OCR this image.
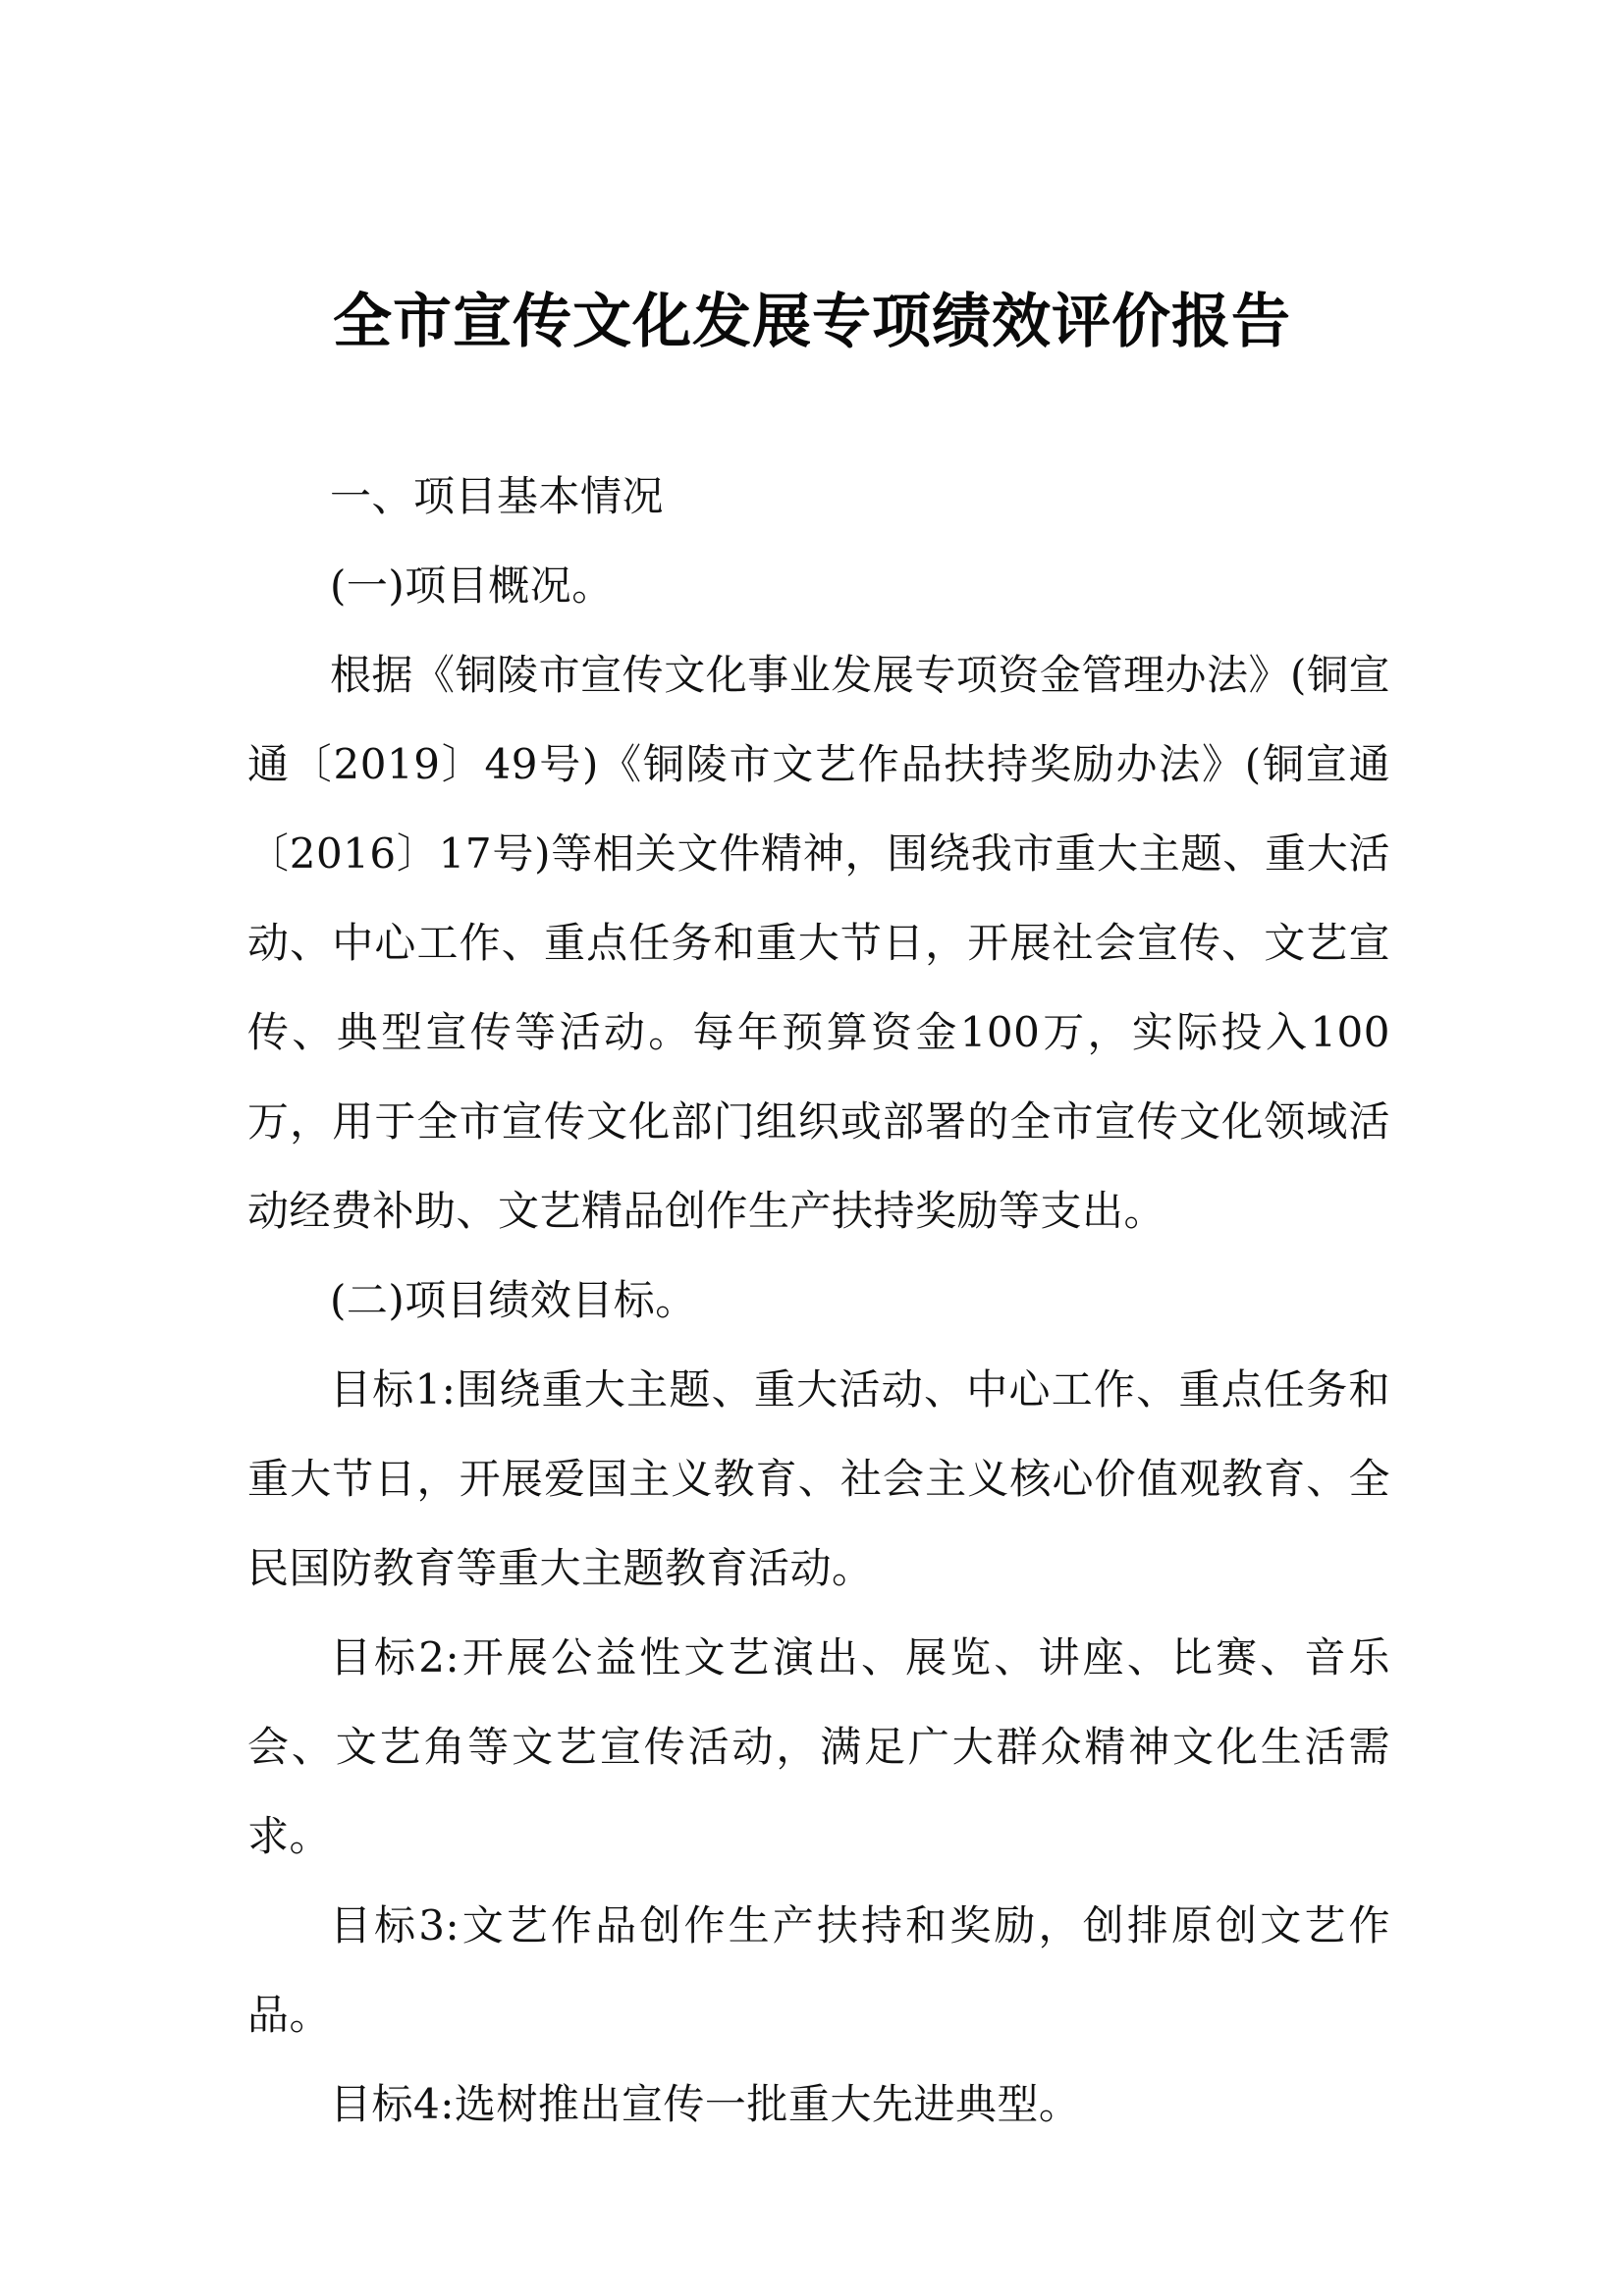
全市宣传文化发展专项绩效评价报告
一、项目基本情况
(一)项目概况。
根据《铜陵市宣传文化事业发展专项资金管理办法》(铜宣通〔2019〕49号)《铜陵市文艺作品扶持奖励办法》(铜宣通〔2016〕17号)等相关文件精神，围绕我市重大主题、重大活动、中心工作、重点任务和重大节日，开展社会宣传、文艺宣传、典型宣传等活动。每年预算资金100万，实际投入100万，用于全市宣传文化部门组织或部署的全市宣传文化领域活动经费补助、文艺精品创作生产扶持奖励等支出。
(二)项目绩效目标。
目标1:围绕重大主题、重大活动、中心工作、重点任务和重大节日，开展爱国主义教育、社会主义核心价值观教育、全民国防教育等重大主题教育活动。
目标2:开展公益性文艺演出、展览、讲座、比赛、音乐会、文艺角等文艺宣传活动，满足广大群众精神文化生活需求。
目标3:文艺作品创作生产扶持和奖励，创排原创文艺作品。
目标4:选树推出宣传一批重大先进典型。
